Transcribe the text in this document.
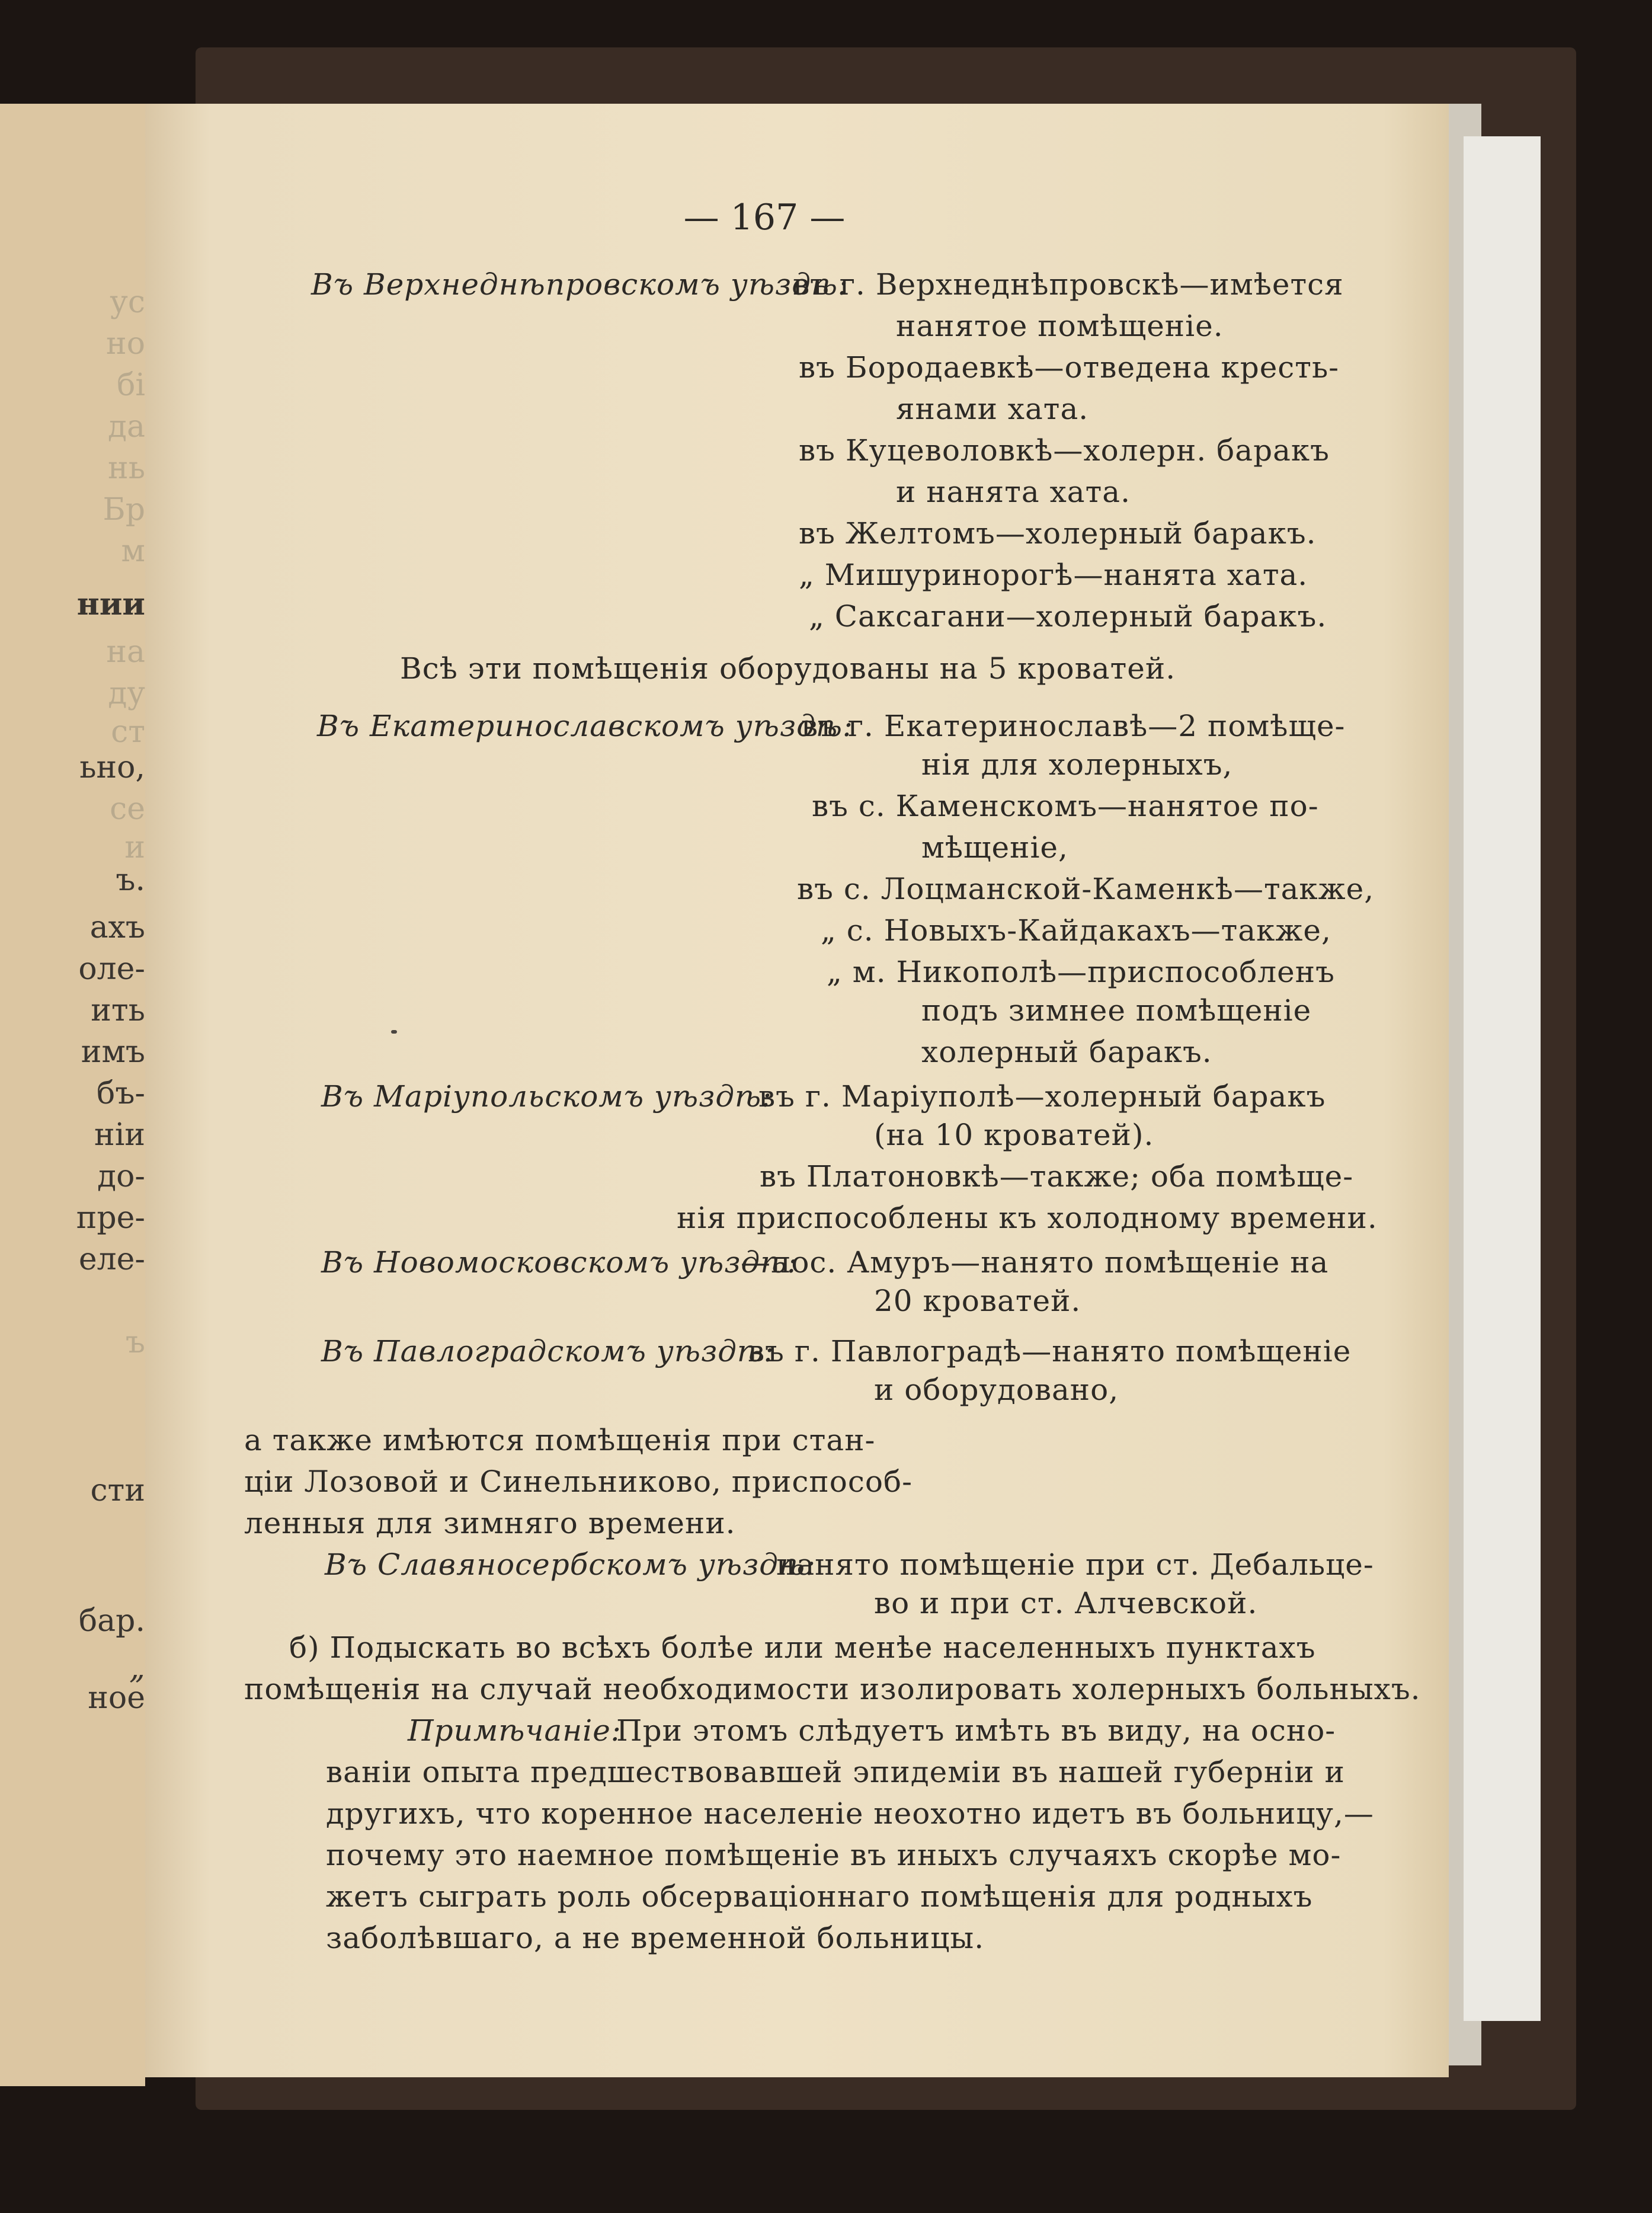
ус
но
бі
да
нь
Бр
м
нии
на
ду
ст
ьно,
се
и
ъ.
ахъ
оле-
ить
имъ
бъ-
ніи
до-
пре-
еле-
ъ
сти
бар.
„
ное
— 167 —
Въ Верхнеднѣпровскомъ уѣздѣ:
въ г. Верхнеднѣпровскѣ—имѣется
нанятое помѣщеніе.
въ Бородаевкѣ—отведена кресть-
янами хата.
въ Куцеволовкѣ—холерн. баракъ
и нанята хата.
въ Желтомъ—холерный баракъ.
„ Мишуринорогѣ—нанята хата.
„ Саксагани—холерный баракъ.
Всѣ эти помѣщенія оборудованы на 5 кроватей.
Въ Екатеринославскомъ уѣздѣ:
въ г. Екатеринославѣ—2 помѣще-
нія для холерныхъ,
въ с. Каменскомъ—нанятое по-
мѣщеніе,
въ с. Лоцманской-Каменкѣ—также,
„ с. Новыхъ-Кайдакахъ—также,
„ м. Никополѣ—приспособленъ
подъ зимнее помѣщеніе
холерный баракъ.
Въ Маріупольскомъ уѣздѣ:
въ г. Маріуполѣ—холерный баракъ
(на 10 кроватей).
въ Платоновкѣ—также; оба помѣще-
нія приспособлены къ холодному времени.
Въ Новомосковскомъ уѣздѣ:
—пос. Амуръ—нанято помѣщеніе на
20 кроватей.
Въ Павлоградскомъ уѣздѣ:
въ г. Павлоградѣ—нанято помѣщеніе
и оборудовано,
а также имѣются помѣщенія при стан-
ціи Лозовой и Синельниково, приспособ-
ленныя для зимняго времени.
Въ Славяносербскомъ уѣздѣ:
нанято помѣщеніе при ст. Дебальце-
во и при ст. Алчевской.
б) Подыскать во всѣхъ болѣе или менѣе населенныхъ пунктахъ
помѣщенія на случай необходимости изолировать холерныхъ больныхъ.
Примѣчаніе:
При этомъ слѣдуетъ имѣть въ виду, на осно-
ваніи опыта предшествовавшей эпидеміи въ нашей губерніи и
другихъ, что коренное населеніе неохотно идетъ въ больницу,—
почему это наемное помѣщеніе въ иныхъ случаяхъ скорѣе мо-
жетъ сыграть роль обсерваціоннаго помѣщенія для родныхъ
заболѣвшаго, а не временной больницы.
